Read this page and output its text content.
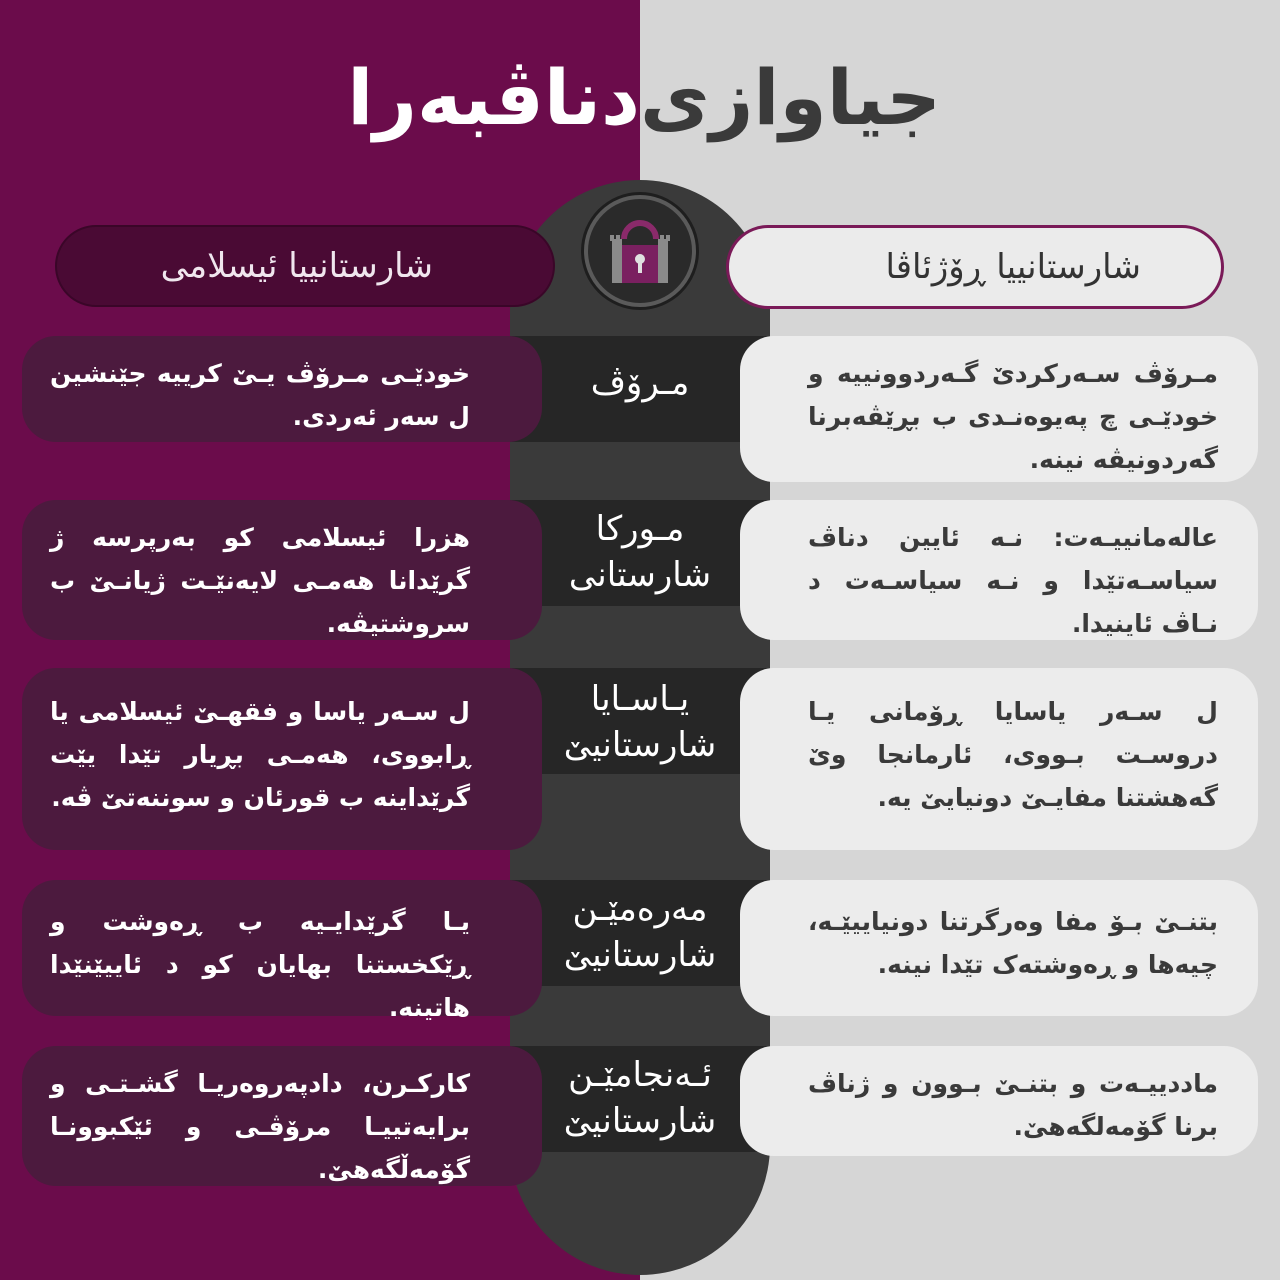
جیاوازی
دناڤبەرا
شارستانییا ئیسلامی	شارستانییا ڕۆژئاڤا
خودێـی مـرۆڤ یـێ کرییە جێنشین ل سەر ئەردی.
مـرۆڤ سـەرکردێ گـەردوونییە و خودێـی چ پەیوەنـدی ب بڕێڤەبرنا گەردونیڤە نینە.
مـرۆڤ
هزرا ئیسلامی کو بەرپرسە ژ گرێدانا هەمـی لایەنێـت ژیانـێ ب سروشتیڤە.
عالەمانییـەت: نـە ئایین دناڤ سیاسـەتێدا و نـە سیاسـەت د نـاڤ ئاینیدا.
مـوركا
شارستانی
ل سـەر یاسا و فقهـێ ئیسلامی یا ڕابووی، هەمـی بڕیار تێدا یێت گرێداینە ب قورئان و سوننەتێ ڤە.
ل سـەر یاسایا ڕۆمانی یـا دروسـت بـووی، ئارمانجا وێ گەهشتنا مفایـێ دونیایێ یە.
یـاسـایا
شارستانیێ
یـا گرێدایـیە ب ڕەوشت و ڕێکخستنا بهایان کو د ئاییێنێدا هاتینە.
بتنـێ بـۆ مفا وەرگرتنا دونیاییێـە، چیەها و ڕەوشتەک تێدا نینە.
مەرەمێـن
شارستانیێ
کارکـرن، دادپەروەریـا گشـتـی و برایەتییـا مرۆڤـی و ئێکبوونـا گۆمەڵگەهێ.
ماددییـەت و بتنـێ بـوون و ژناڤ برنا گۆمەلگەهێ.
ئـەنجامێـن
شارستانیێ
